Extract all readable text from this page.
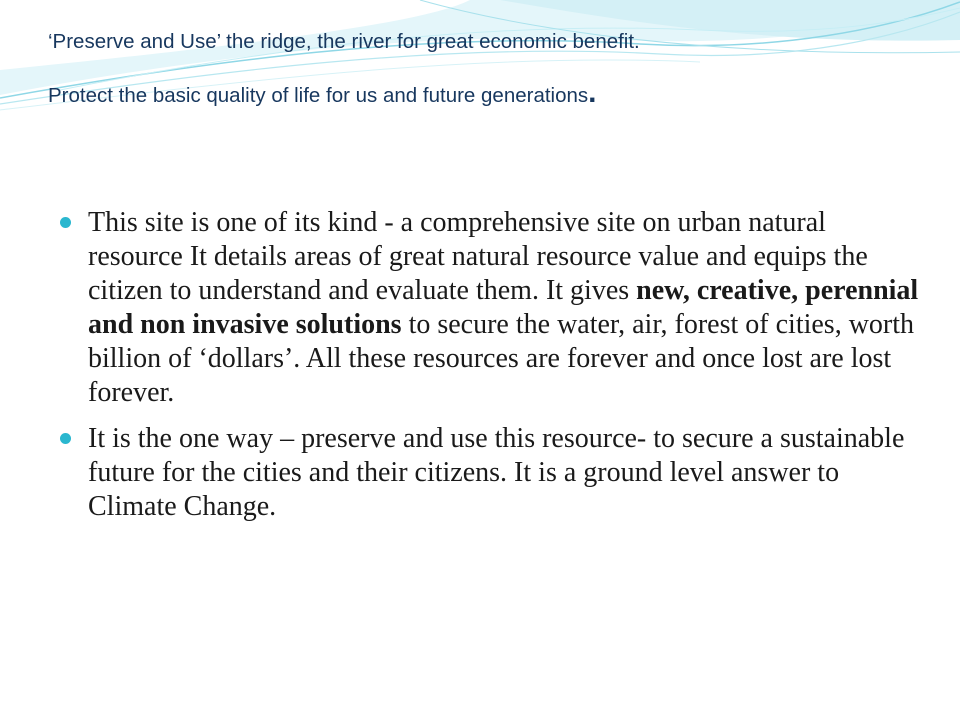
‘Preserve and Use’ the ridge, the river for great economic benefit.
Protect the basic quality of life for us and future generations.
This site is one of its kind - a comprehensive site on urban natural resource It details areas of great natural resource value and equips the citizen to understand and evaluate them. It gives new, creative, perennial and non invasive solutions to secure the water, air, forest of cities, worth billion of ‘dollars’. All these resources are forever and once lost are lost forever.
It is the one way – preserve and use this resource- to secure a sustainable future for the cities and their citizens. It is a ground level answer to Climate Change.
